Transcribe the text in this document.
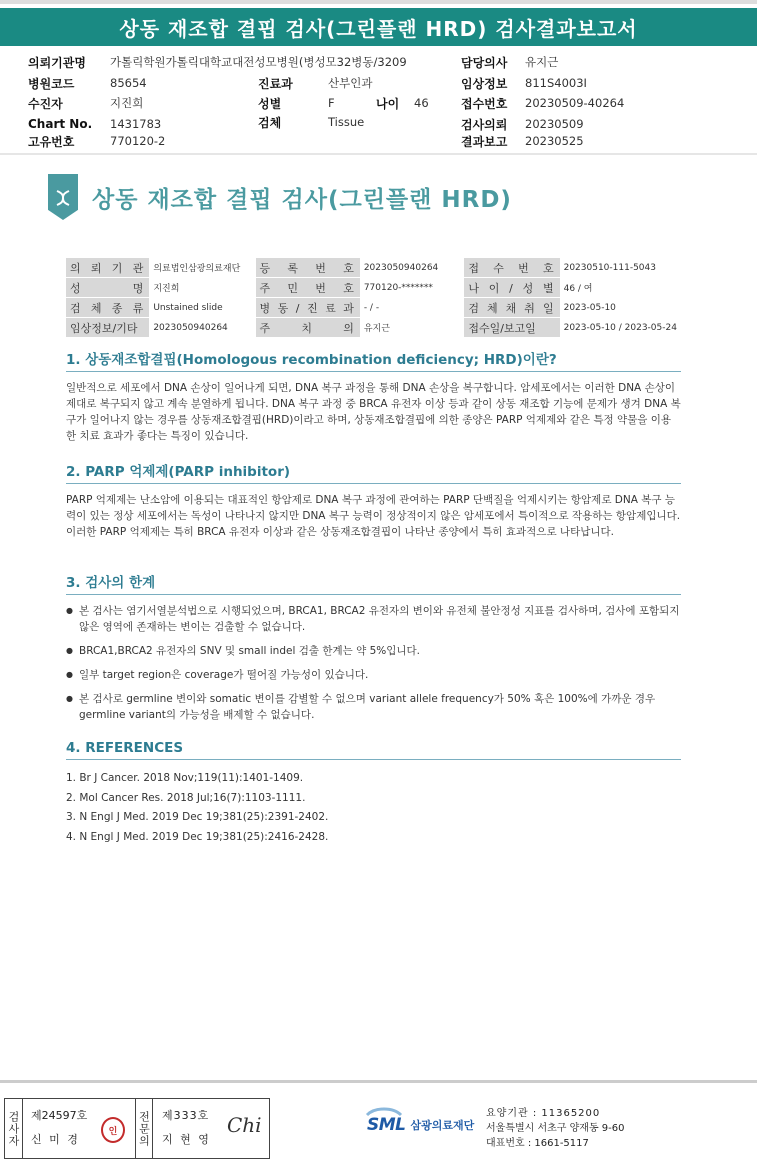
상동 재조합 결핍 검사(그린플랜 HRD) 검사결과보고서
의뢰기관명	가톨릭학원가톨릭대학교대전성모병원(병성모32병동/3209
병원코드	85654
수진자	지진희
Chart No.	1431783
고유번호	770120-2
진료과	산부인과
성별	F	나이	46
검체	Tissue
담당의사	유지근
임상정보	811S4003I
접수번호	20230509-40264
검사의뢰	20230509
결과보고	20230525
상동 재조합 결핍 검사(그린플랜 HRD)
의 뢰 기 관	의료법인삼광의료재단	등 록 번 호	2023050940264	접 수 번 호	20230510-111-5043
성 명	지진희	주 민 번 호	770120-*******	나 이 / 성 별	46 / 여
검 체 종 류	Unstained slide	병 동 / 진 료 과	- / -	검 체 채 취 일	2023-05-10
임상정보/기타	2023050940264	주 치 의	유지근	접수일/보고일	2023-05-10 / 2023-05-24
1. 상동재조합결핍(Homologous recombination deficiency; HRD)이란?

일반적으로 세포에서 DNA 손상이 일어나게 되면, DNA 복구 과정을 통해 DNA 손상을 복구합니다. 암세포에서는 이러한 DNA 손상이 제대로 복구되지 않고 계속 분열하게 됩니다. DNA 복구 과정 중 BRCA 유전자 이상 등과 같이 상동 재조합 기능에 문제가 생겨 DNA 복구가 일어나지 않는 경우를 상동재조합결핍(HRD)이라고 하며, 상동재조합결핍에 의한 종양은 PARP 억제제와 같은 특정 약물을 이용한 치료 효과가 좋다는 특징이 있습니다.

2. PARP 억제제(PARP inhibitor)

PARP 억제제는 난소암에 이용되는 대표적인 항암제로 DNA 복구 과정에 관여하는 PARP 단백질을 억제시키는 항암제로 DNA 복구 능력이 있는 정상 세포에서는 독성이 나타나지 않지만 DNA 복구 능력이 정상적이지 않은 암세포에서 특이적으로 작용하는 항암제입니다. 이러한 PARP 억제제는 특히 BRCA 유전자 이상과 같은 상동재조합결핍이 나타난 종양에서 특히 효과적으로 나타납니다.

3. 검사의 한계
● 본 검사는 염기서열분석법으로 시행되었으며, BRCA1, BRCA2 유전자의 변이와 유전체 불안정성 지표를 검사하며, 검사에 포함되지 않은 영역에 존재하는 변이는 검출할 수 없습니다.
● BRCA1,BRCA2 유전자의 SNV 및 small indel 검출 한계는 약 5%입니다.
● 일부 target region은 coverage가 떨어질 가능성이 있습니다.
● 본 검사로 germline 변이와 somatic 변이를 감별할 수 없으며 variant allele frequency가 50% 혹은 100%에 가까운 경우 germline variant의 가능성을 배제할 수 없습니다.
4. REFERENCES
1. Br J Cancer. 2018 Nov;119(11):1401-1409.
2. Mol Cancer Res. 2018 Jul;16(7):1103-1111.
3. N Engl J Med. 2019 Dec 19;381(25):2391-2402.
4. N Engl J Med. 2019 Dec 19;381(25):2416-2428.
검사자 제24597호
신 미 경
인 전문의 제333호
지 현 영
Chi	SML 삼광의료재단
요양기관 : 11365200
서울특별시 서초구 양재동 9-60
대표번호 : 1661-5117
